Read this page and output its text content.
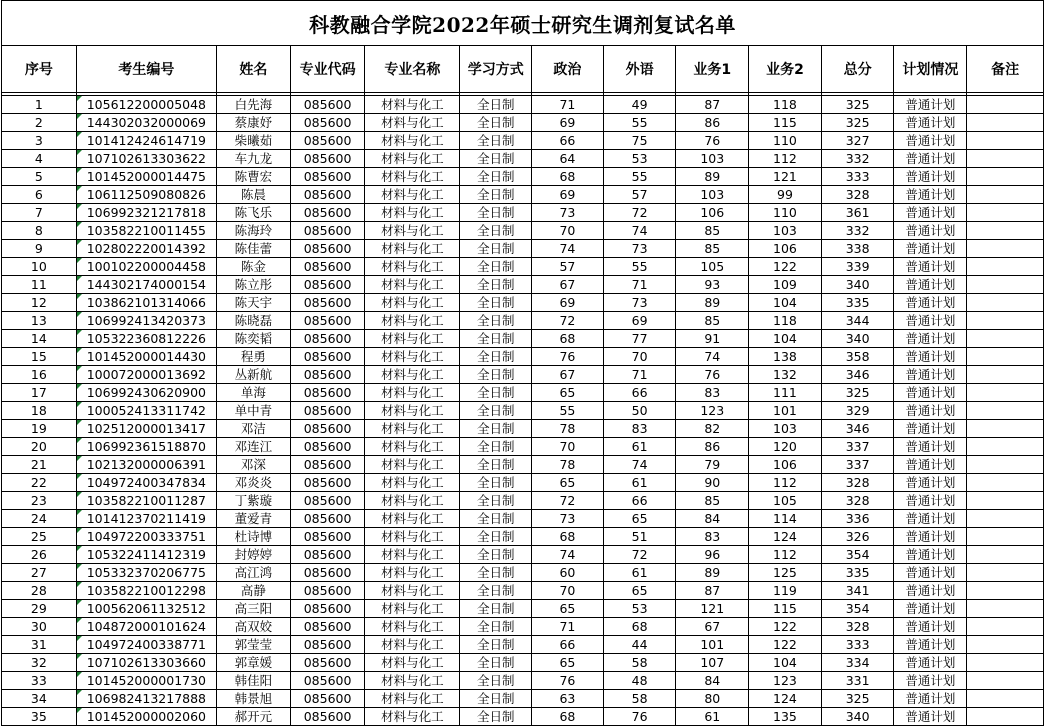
科教融合学院2022年硕士研究生调剂复试名单
序号	考生编号	姓名	专业代码	专业名称	学习方式	政治	外语	业务1	业务2	总分	计划情况	备注

1	105612200005048	白先海	085600	材料与化工	全日制	71	49	87	118	325	普通计划	
2	144302032000069	蔡康妤	085600	材料与化工	全日制	69	55	86	115	325	普通计划	
3	101412424614719	柴曦茹	085600	材料与化工	全日制	66	75	76	110	327	普通计划	
4	107102613303622	车九龙	085600	材料与化工	全日制	64	53	103	112	332	普通计划	
5	101452000014475	陈曹宏	085600	材料与化工	全日制	68	55	89	121	333	普通计划	
6	106112509080826	陈晨	085600	材料与化工	全日制	69	57	103	99	328	普通计划	
7	106992321217818	陈飞乐	085600	材料与化工	全日制	73	72	106	110	361	普通计划	
8	103582210011455	陈海玲	085600	材料与化工	全日制	70	74	85	103	332	普通计划	
9	102802220014392	陈佳蕾	085600	材料与化工	全日制	74	73	85	106	338	普通计划	
10	100102200004458	陈金	085600	材料与化工	全日制	57	55	105	122	339	普通计划	
11	144302174000154	陈立彤	085600	材料与化工	全日制	67	71	93	109	340	普通计划	
12	103862101314066	陈天宇	085600	材料与化工	全日制	69	73	89	104	335	普通计划	
13	106992413420373	陈晓磊	085600	材料与化工	全日制	72	69	85	118	344	普通计划	
14	105322360812226	陈奕韬	085600	材料与化工	全日制	68	77	91	104	340	普通计划	
15	101452000014430	程勇	085600	材料与化工	全日制	76	70	74	138	358	普通计划	
16	100072000013692	丛新航	085600	材料与化工	全日制	67	71	76	132	346	普通计划	
17	106992430620900	单海	085600	材料与化工	全日制	65	66	83	111	325	普通计划	
18	100052413311742	单中青	085600	材料与化工	全日制	55	50	123	101	329	普通计划	
19	102512000013417	邓洁	085600	材料与化工	全日制	78	83	82	103	346	普通计划	
20	106992361518870	邓连江	085600	材料与化工	全日制	70	61	86	120	337	普通计划	
21	102132000006391	邓深	085600	材料与化工	全日制	78	74	79	106	337	普通计划	
22	104972400347834	邓炎炎	085600	材料与化工	全日制	65	61	90	112	328	普通计划	
23	103582210011287	丁紫璇	085600	材料与化工	全日制	72	66	85	105	328	普通计划	
24	101412370211419	董爱青	085600	材料与化工	全日制	73	65	84	114	336	普通计划	
25	104972200333751	杜诗博	085600	材料与化工	全日制	68	51	83	124	326	普通计划	
26	105322411412319	封婷婷	085600	材料与化工	全日制	74	72	96	112	354	普通计划	
27	105332370206775	高江鸿	085600	材料与化工	全日制	60	61	89	125	335	普通计划	
28	103582210012298	高静	085600	材料与化工	全日制	70	65	87	119	341	普通计划	
29	100562061132512	高三阳	085600	材料与化工	全日制	65	53	121	115	354	普通计划	
30	104872000101624	高双姣	085600	材料与化工	全日制	71	68	67	122	328	普通计划	
31	104972400338771	郭莹莹	085600	材料与化工	全日制	66	44	101	122	333	普通计划	
32	107102613303660	郭章媛	085600	材料与化工	全日制	65	58	107	104	334	普通计划	
33	101452000001730	韩佳阳	085600	材料与化工	全日制	76	48	84	123	331	普通计划	
34	106982413217888	韩景旭	085600	材料与化工	全日制	63	58	80	124	325	普通计划	
35	101452000002060	郝开元	085600	材料与化工	全日制	68	76	61	135	340	普通计划	
